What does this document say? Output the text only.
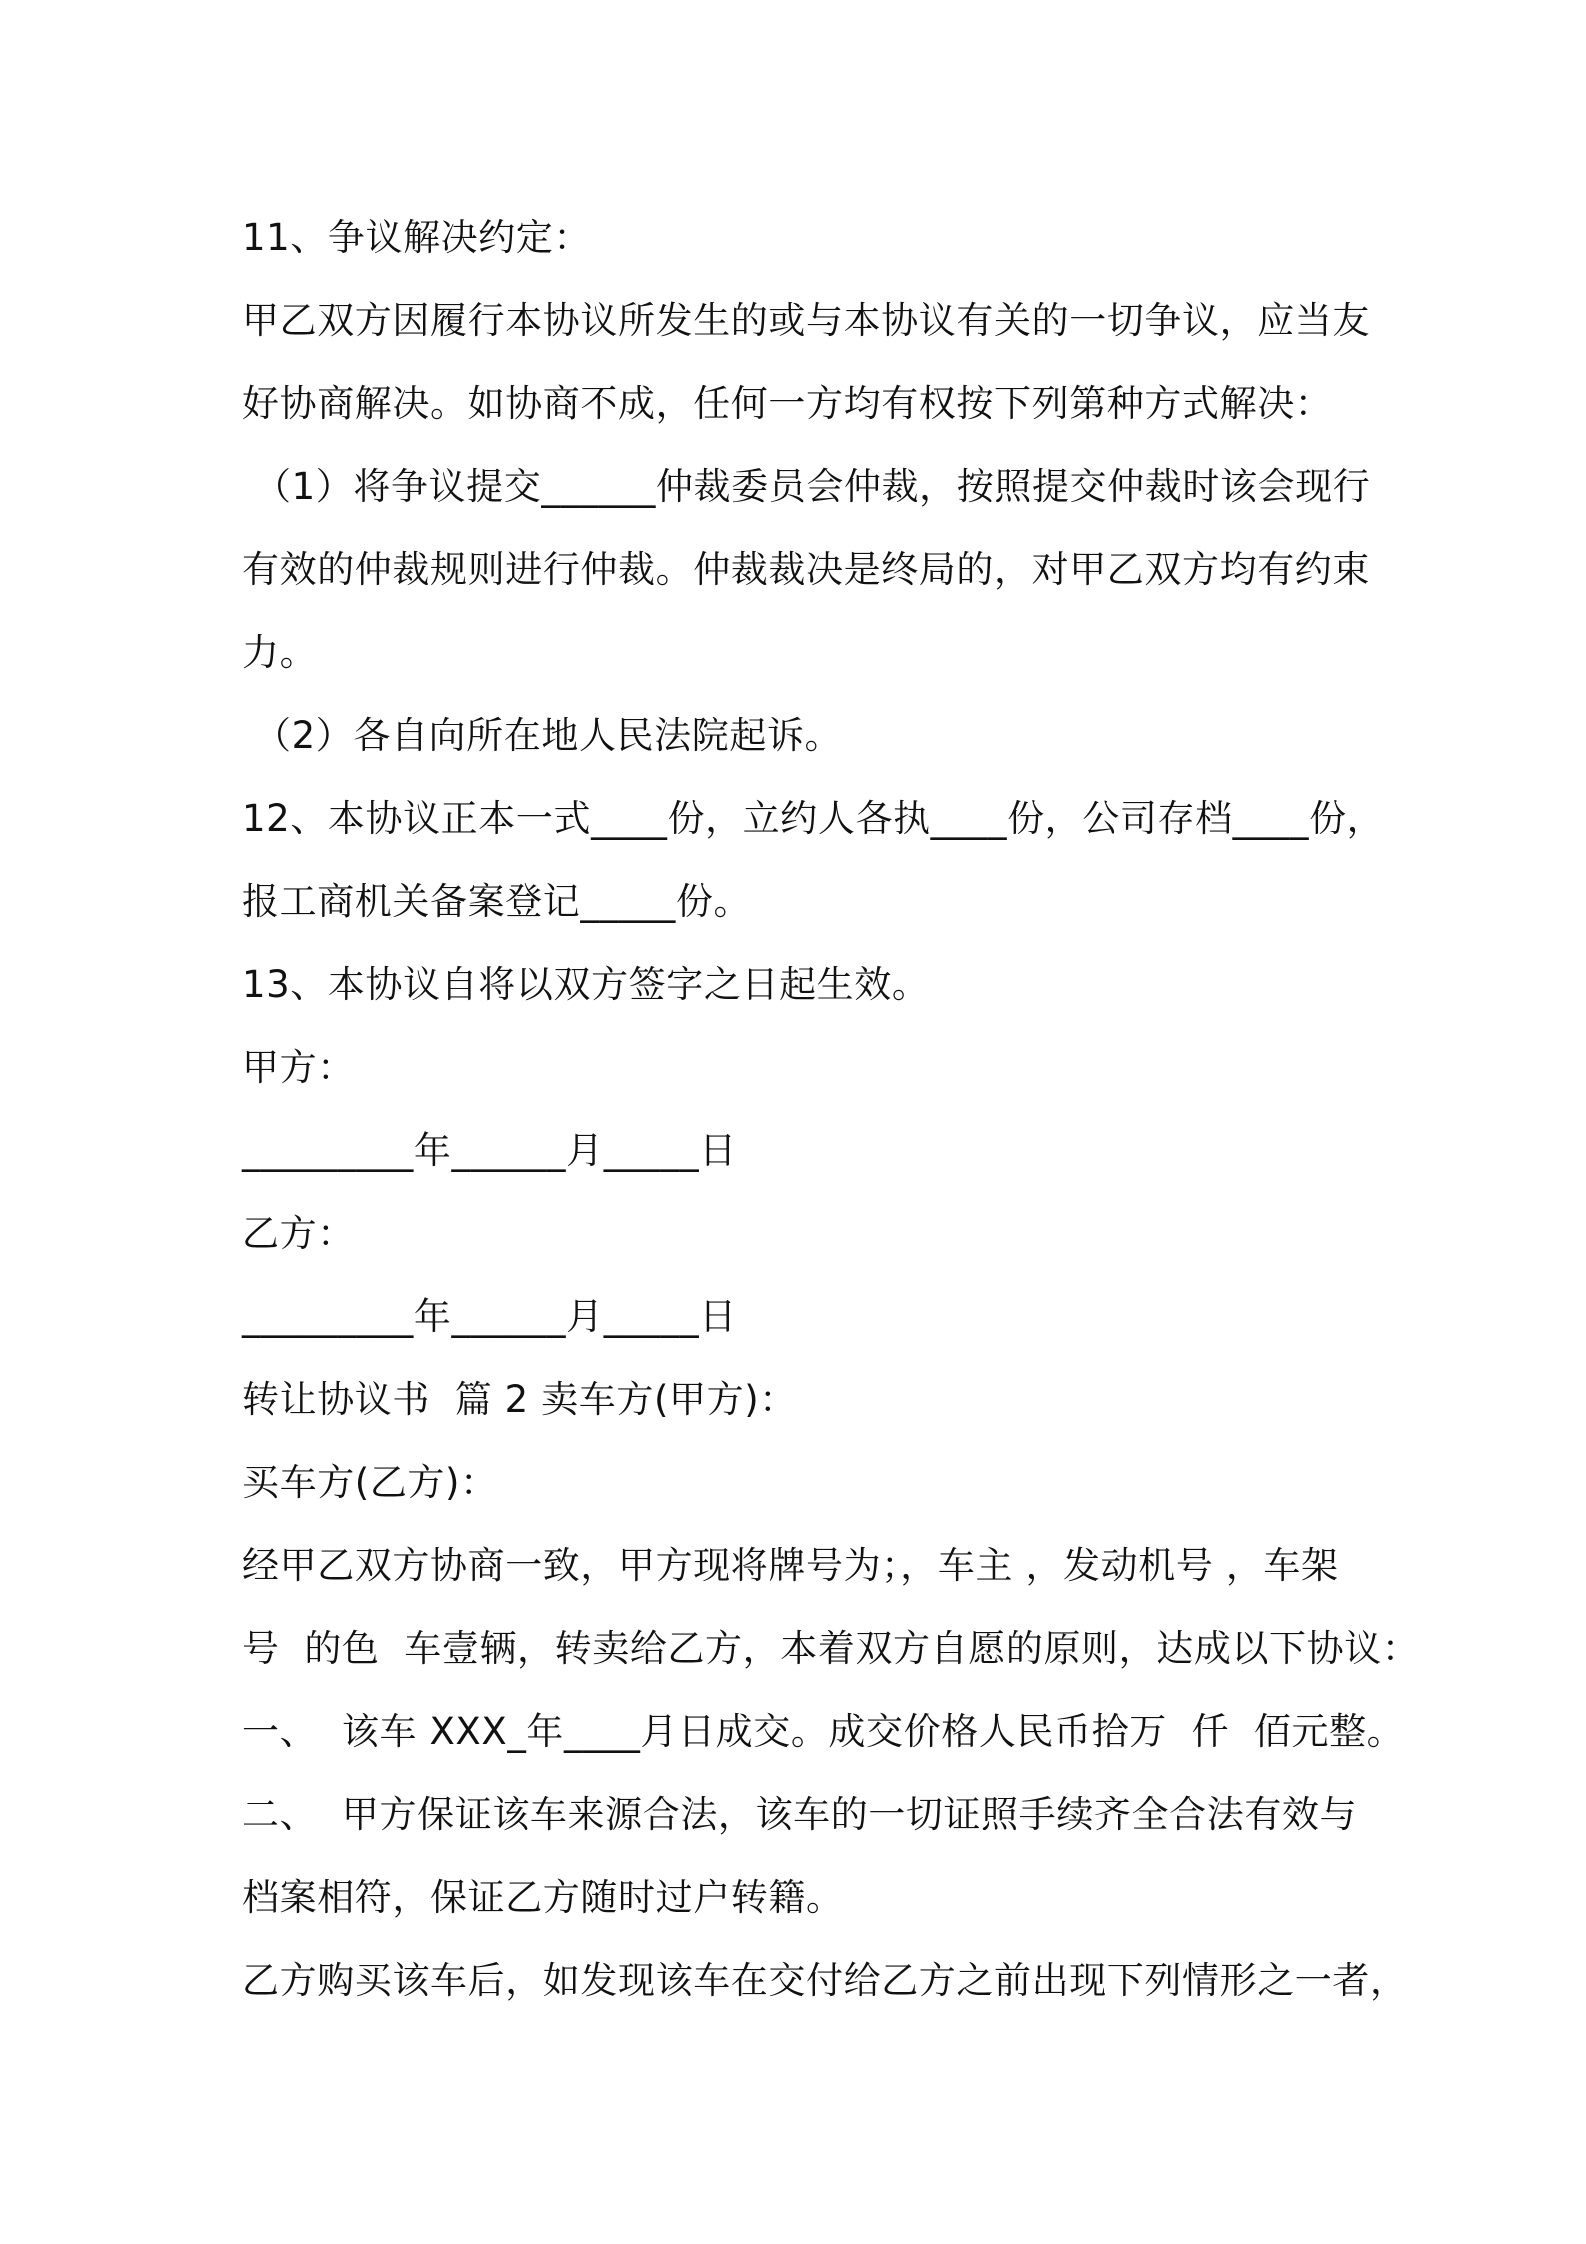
11、争议解决约定：
甲乙双方因履行本协议所发生的或与本协议有关的一切争议，应当友
好协商解决。如协商不成，任何一方均有权按下列第种方式解决：
（1）将争议提交______仲裁委员会仲裁，按照提交仲裁时该会现行
有效的仲裁规则进行仲裁。仲裁裁决是终局的，对甲乙双方均有约束
力。
（2）各自向所在地人民法院起诉。
12、本协议正本一式____份，立约人各执____份，公司存档____份，
报工商机关备案登记_____份。
13、本协议自将以双方签字之日起生效。
甲方：
_________年______月_____日
乙方：
_________年______月_____日
转让协议书  篇 2 卖车方(甲方)：
买车方(乙方)：
经甲乙双方协商一致，甲方现将牌号为；，车主 ，发动机号 ，车架
号  的色  车壹辆，转卖给乙方，本着双方自愿的原则，达成以下协议：
一、  该车 XXX_年____月日成交。成交价格人民币拾万  仟  佰元整。
二、  甲方保证该车来源合法，该车的一切证照手续齐全合法有效与
档案相符，保证乙方随时过户转籍。
乙方购买该车后，如发现该车在交付给乙方之前出现下列情形之一者，
